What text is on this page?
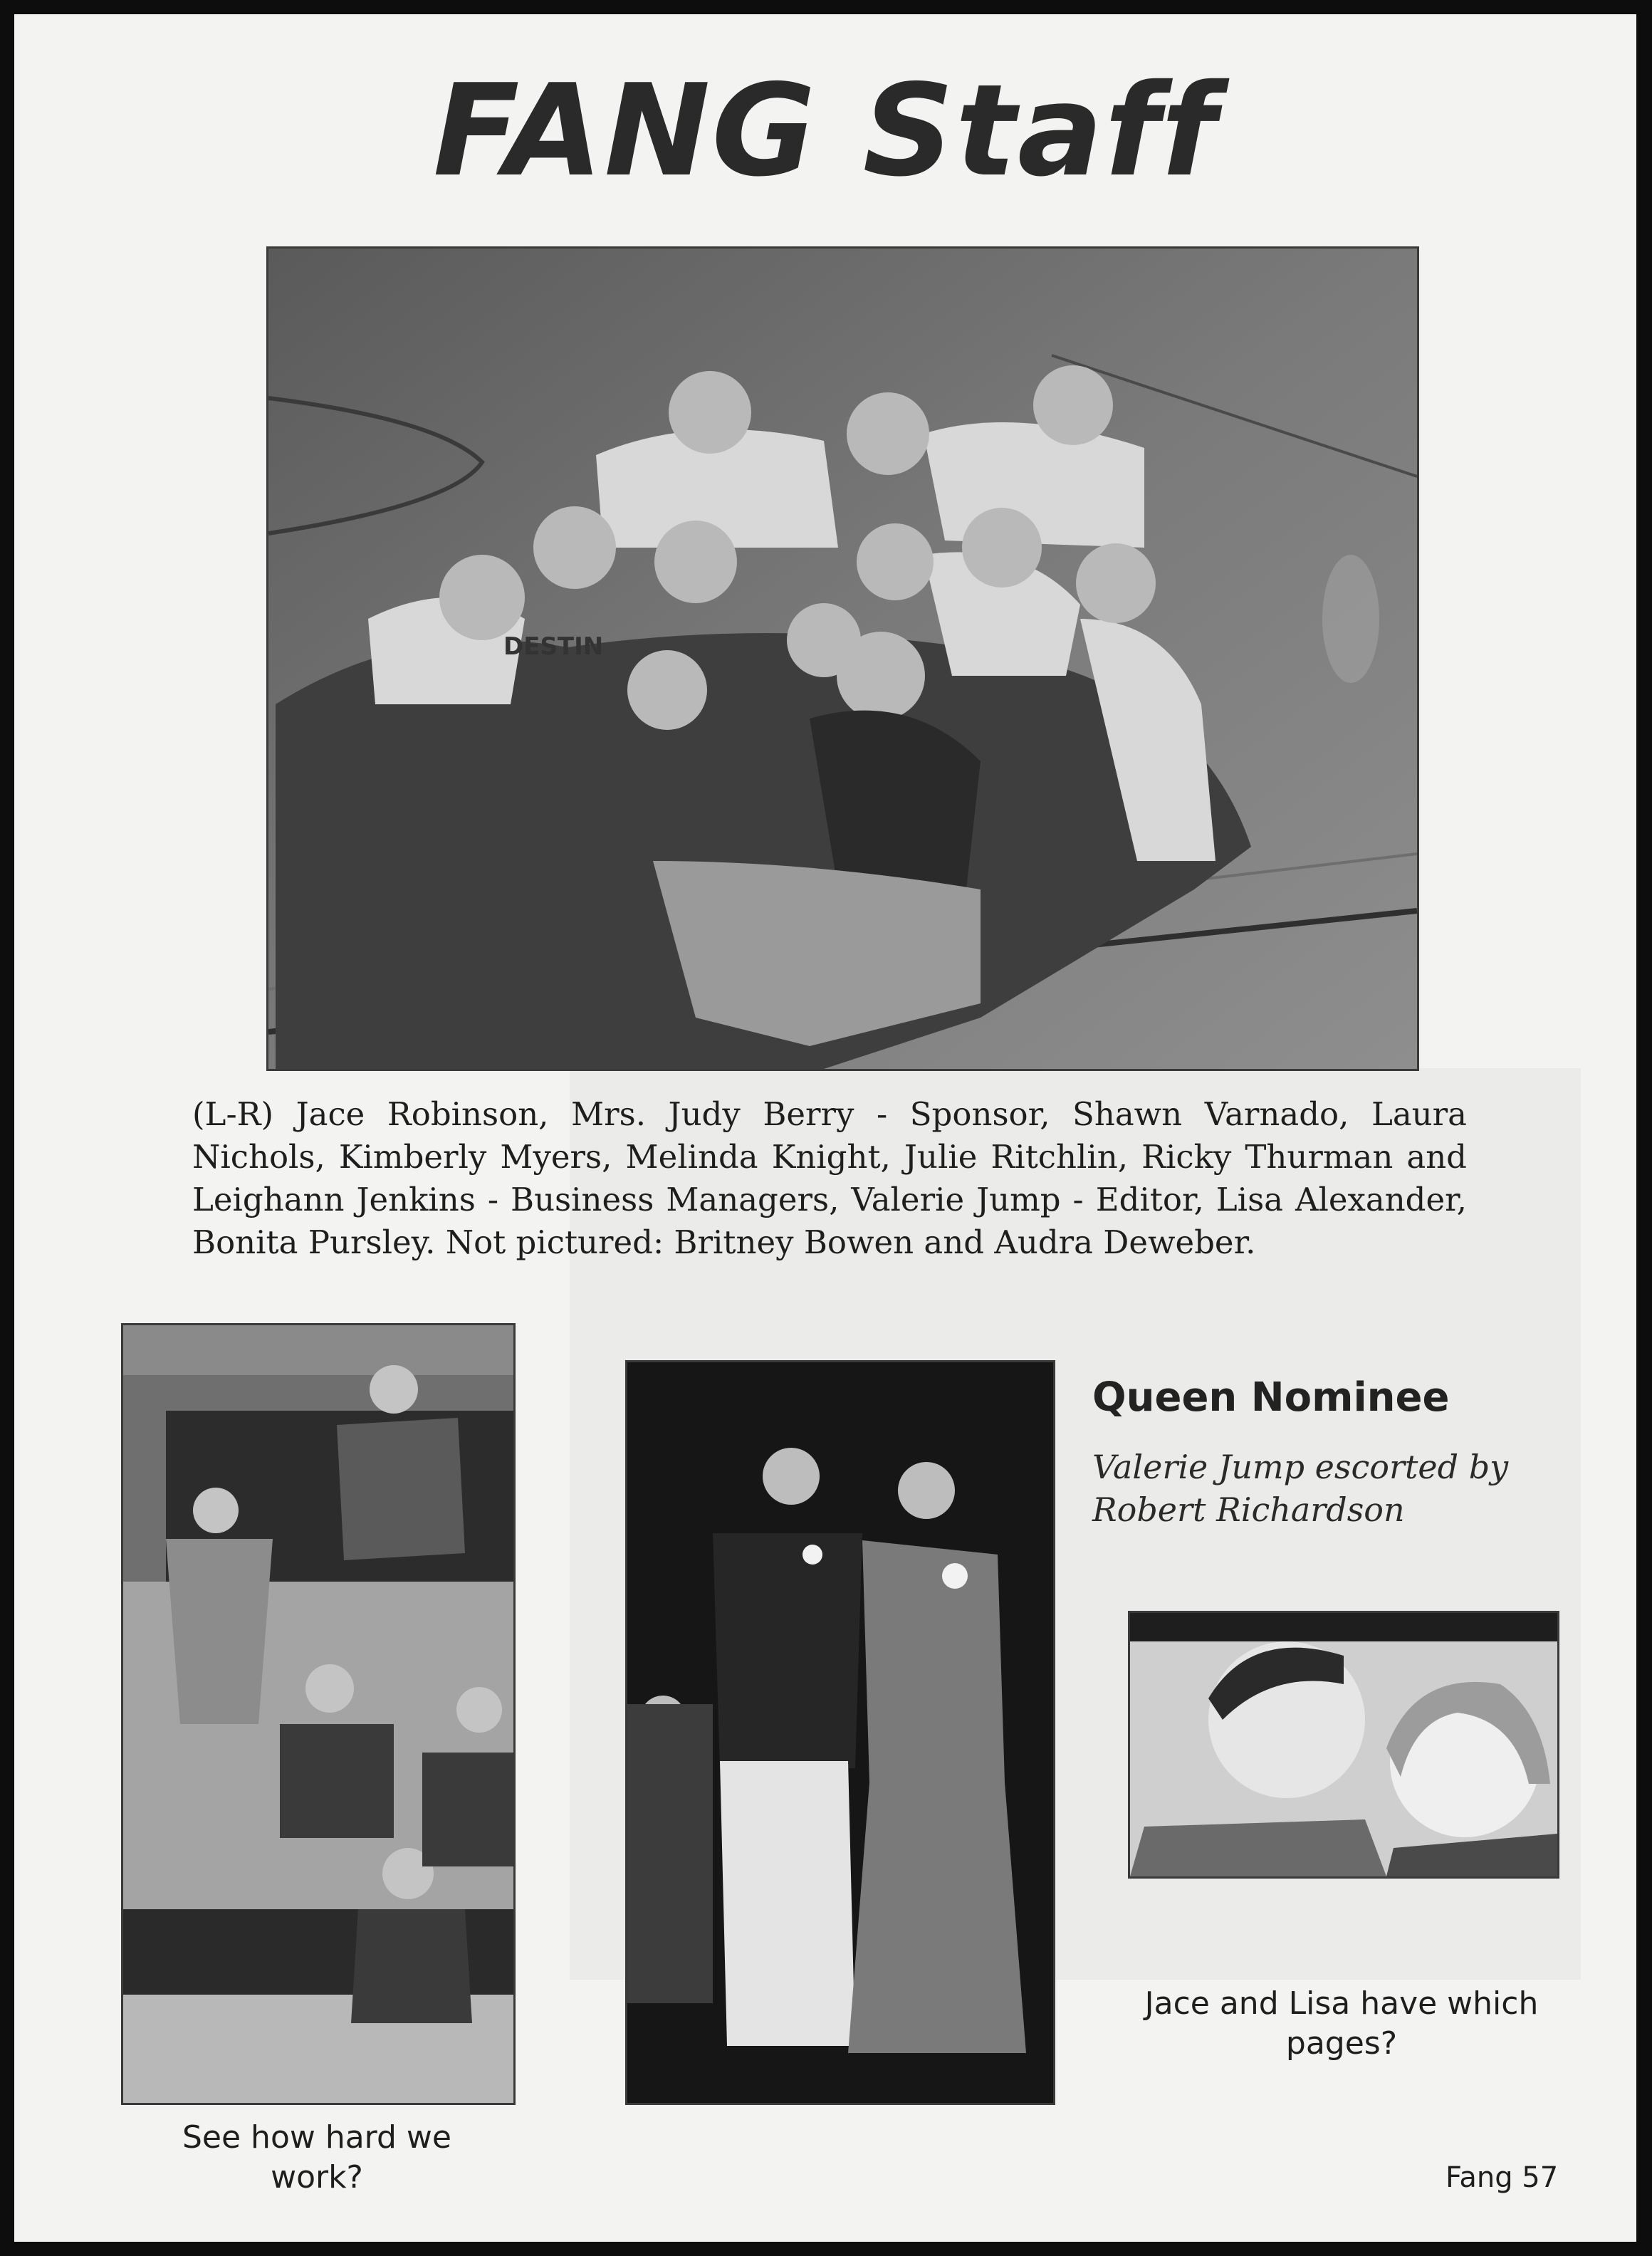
FANG Staff
DESTIN

(L-R) Jace Robinson, Mrs. Judy Berry - Sponsor, Shawn Varnado, Laura Nichols, Kimberly Myers, Melinda Knight, Julie Ritchlin, Ricky Thurman and Leighann Jenkins - Business Managers, Valerie Jump - Editor, Lisa Alexander, Bonita Pursley. Not pictured: Britney Bowen and Audra Deweber.

See how hard we work?
Queen Nominee
Valerie Jump escorted by Robert Richardson
Jace and Lisa have which pages?
Fang 57
